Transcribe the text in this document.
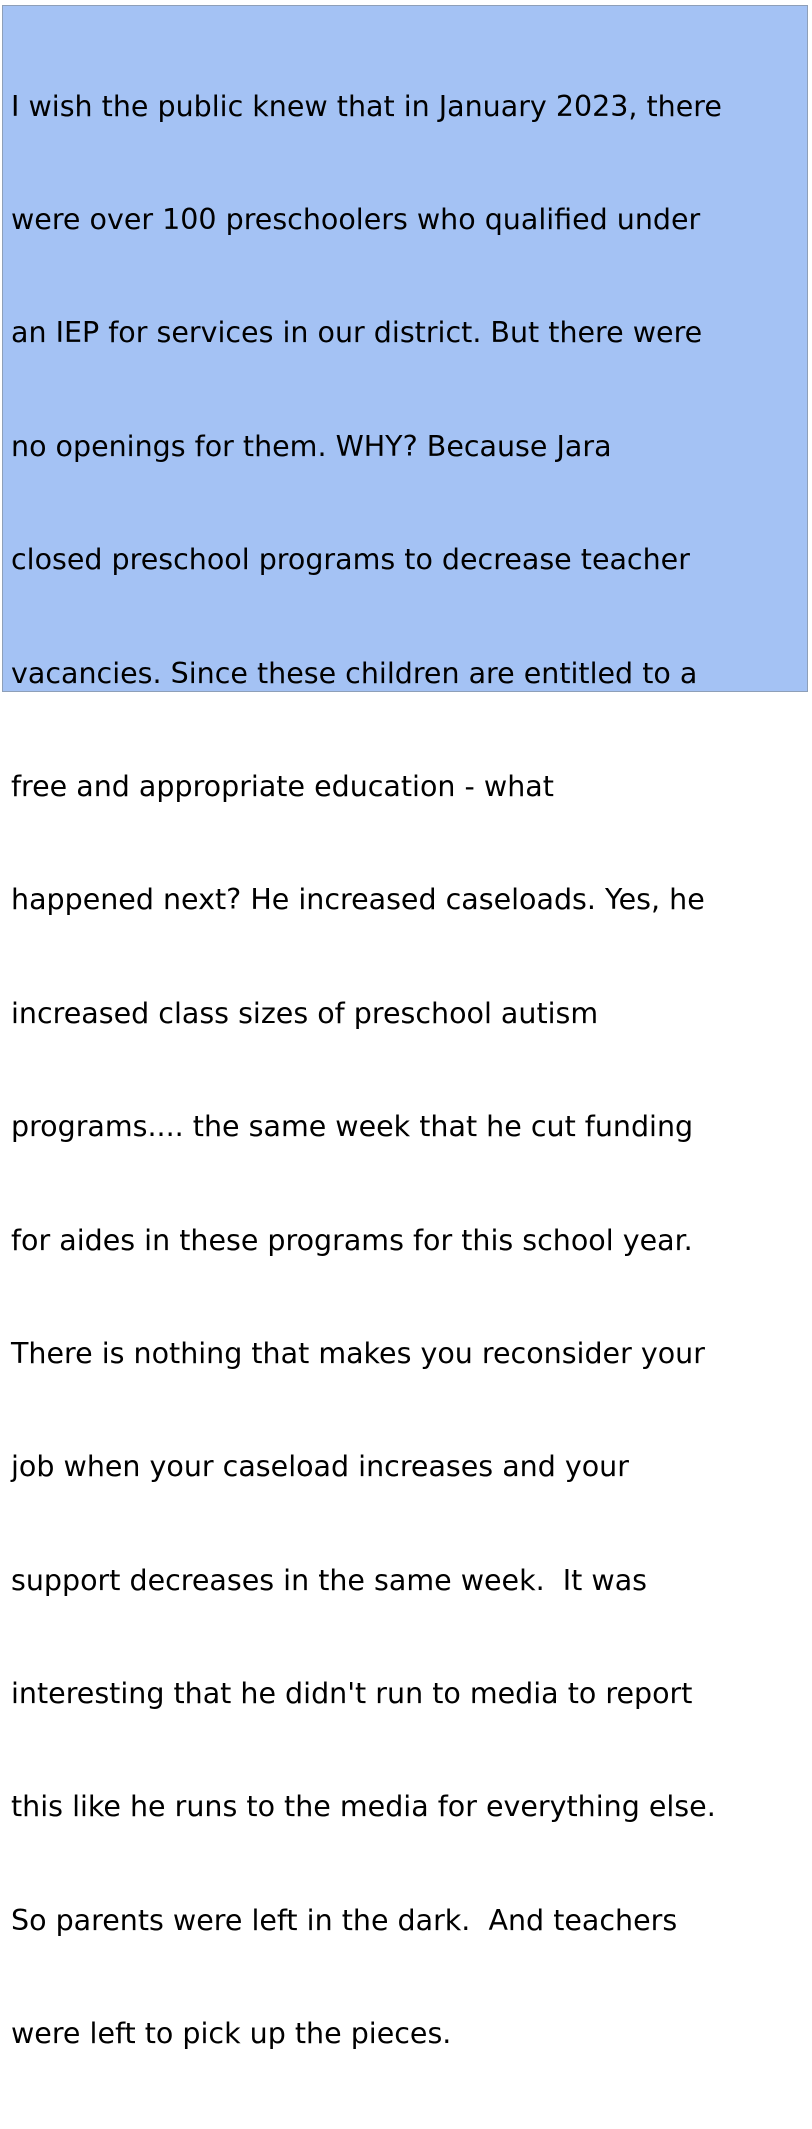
I wish the public knew that in January 2023, there

were over 100 preschoolers who qualified under

an IEP for services in our district. But there were

no openings for them. WHY? Because Jara

closed preschool programs to decrease teacher

vacancies. Since these children are entitled to a

free and appropriate education - what

happened next? He increased caseloads. Yes, he

increased class sizes of preschool autism

programs.... the same week that he cut funding

for aides in these programs for this school year.

There is nothing that makes you reconsider your

job when your caseload increases and your

support decreases in the same week.  It was

interesting that he didn't run to media to report

this like he runs to the media for everything else.

So parents were left in the dark.  And teachers

were left to pick up the pieces.
